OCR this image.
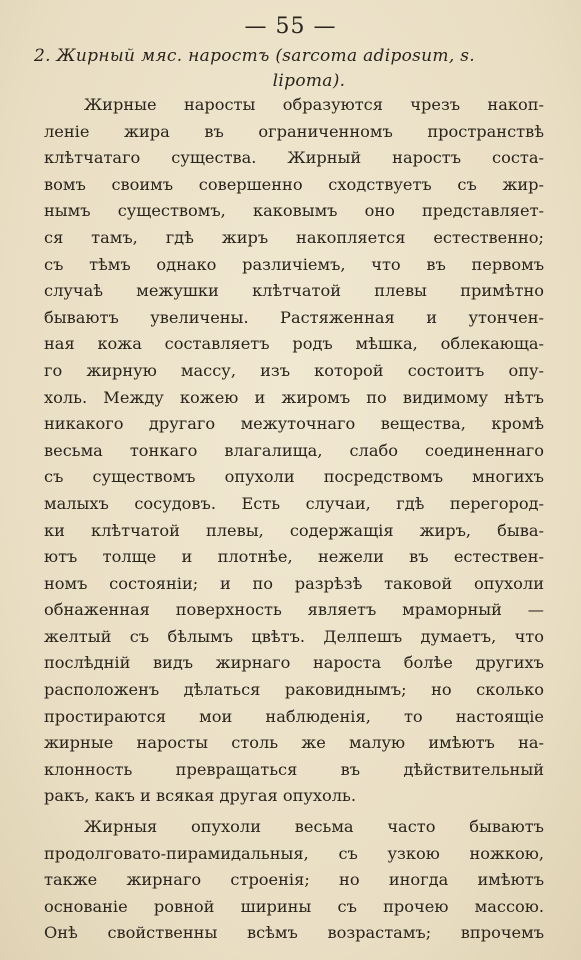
— 55 —
2. Жирный мяс. наростъ (sarcoma adiposum, s.
lipoma).
Жирные наросты образуются чрезъ накоп-
леніе жира въ ограниченномъ пространствѣ
клѣтчатаго существа. Жирный наростъ соста-
вомъ своимъ совершенно сходствуетъ съ жир-
нымъ существомъ, каковымъ оно представляет-
ся тамъ, гдѣ жиръ накопляется естественно;
съ тѣмъ однако различіемъ, что въ первомъ
случаѣ межушки клѣтчатой плевы примѣтно
бываютъ увеличены. Растяженная и утончен-
ная кожа составляетъ родъ мѣшка, облекающа-
го жирную массу, изъ которой состоитъ опу-
холь. Между кожею и жиромъ по видимому нѣтъ
никакого другаго межуточнаго вещества, кромѣ
весьма тонкаго влагалища, слабо соединеннаго
съ существомъ опухоли посредствомъ многихъ
малыхъ сосудовъ. Есть случаи, гдѣ перегород-
ки клѣтчатой плевы, содержащія жиръ, быва-
ютъ толще и плотнѣе, нежели въ естествен-
номъ состояніи; и по разрѣзѣ таковой опухоли
обнаженная поверхность являетъ мраморный —
желтый съ бѣлымъ цвѣтъ. Делпешъ думаетъ, что
послѣдній видъ жирнаго нароста болѣе другихъ
расположенъ дѣлаться раковиднымъ; но сколько
простираются мои наблюденія, то настоящіе
жирные наросты столь же малую имѣютъ на-
клонность превращаться въ дѣйствительный
ракъ, какъ и всякая другая опухоль.
Жирныя опухоли весьма часто бываютъ
продолговато-пирамидальныя, съ узкою ножкою,
также жирнаго строенія; но иногда имѣютъ
основаніе ровной ширины съ прочею массою.
Онѣ свойственны всѣмъ возрастамъ; впрочемъ
